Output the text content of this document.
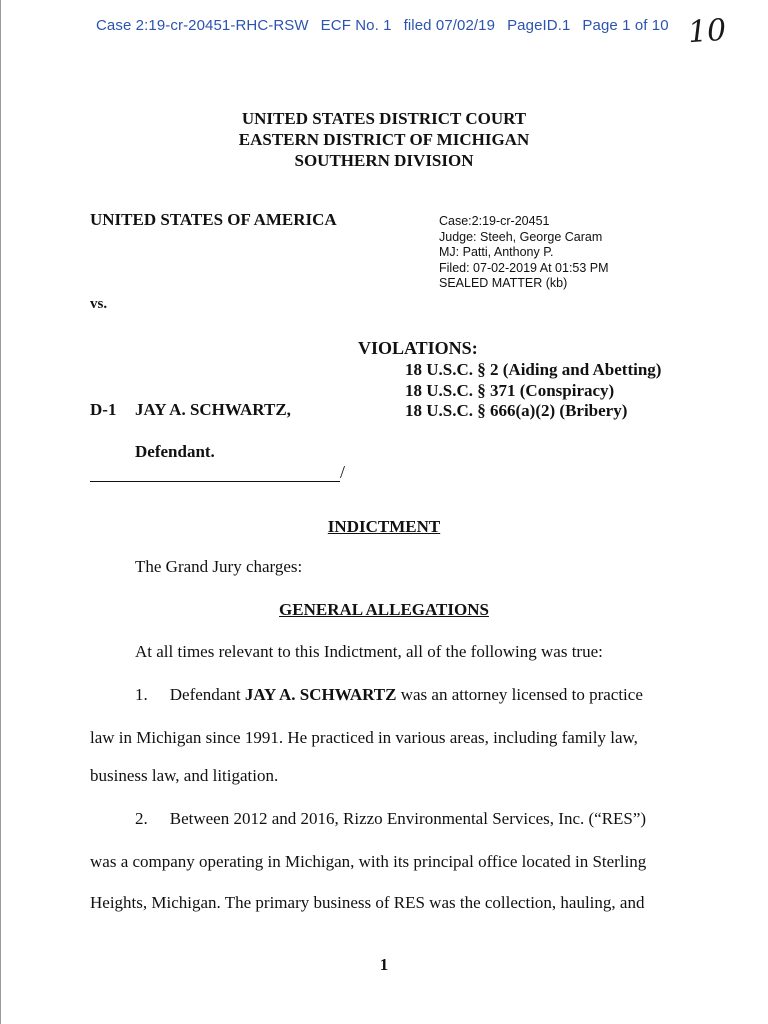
Case 2:19-cr-20451-RHC-RSW ECF No. 1 filed 07/02/19 PageID.1 Page 1 of 10 10
UNITED STATES DISTRICT COURT
EASTERN DISTRICT OF MICHIGAN
SOUTHERN DIVISION
UNITED STATES OF AMERICA	Case:2:19-cr-20451
Judge: Steeh, George Caram
MJ: Patti, Anthony P.
Filed: 07-02-2019 At 01:53 PM
SEALED MATTER (kb)
vs.
VIOLATIONS:
18 U.S.C. § 2 (Aiding and Abetting)
18 U.S.C. § 371 (Conspiracy)
18 U.S.C. § 666(a)(2) (Bribery)
D-1 JAY A. SCHWARTZ,
Defendant.
/
INDICTMENT
The Grand Jury charges:
GENERAL ALLEGATIONS
At all times relevant to this Indictment, all of the following was true:
1. Defendant JAY A. SCHWARTZ was an attorney licensed to practice
law in Michigan since 1991. He practiced in various areas, including family law,
business law, and litigation.
2. Between 2012 and 2016, Rizzo Environmental Services, Inc. (“RES”)
was a company operating in Michigan, with its principal office located in Sterling
Heights, Michigan. The primary business of RES was the collection, hauling, and
1
